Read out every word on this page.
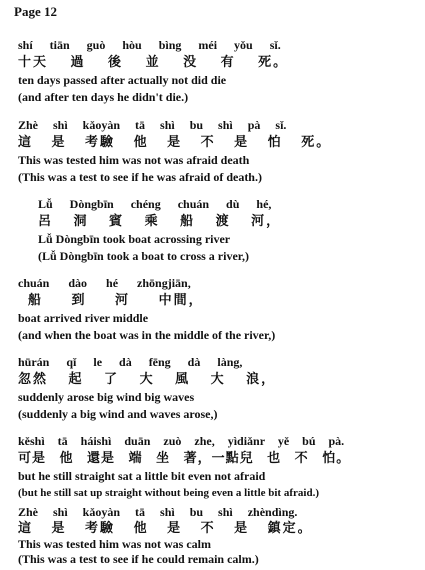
Page 12
shí tiān guò hòu bìng méi yǒu sǐ.
十天 過 後 並 没 有 死。
ten days passed after actually not did die
(and after ten days he didn't die.)
Zhè shì kǎoyàn tā shì bu shì pà sǐ.
這 是 考驗 他 是 不 是 怕 死。
This was tested him was not was afraid death
(This was a test to see if he was afraid of death.)
Lǚ Dòngbīn chéng chuán dù hé,
呂 洞 賓 乘 船 渡 河，
Lǚ Dòngbīn took boat acrossing river
(Lǚ Dòngbīn took a boat to cross a river,)
chuán dào hé zhōngjiān,
船 到 河 中間，
boat arrived river middle
(and when the boat was in the middle of the river,)
hūrán qǐ le dà fēng dà làng,
忽然 起 了 大 風 大 浪，
suddenly arose big wind big waves
(suddenly a big wind and waves arose,)
kěshì tā háishì duān zuò zhe, yìdiǎnr yě bú pà.
可是 他 還是 端 坐 著，一點兒 也 不 怕。
but he still straight sat a little bit even not afraid
(but he still sat up straight without being even a little bit afraid.)
Zhè shì kǎoyàn tā shì bu shì zhèndìng.
這 是 考驗 他 是 不 是 鎮定。
This was tested him was not was calm
(This was a test to see if he could remain calm.)
